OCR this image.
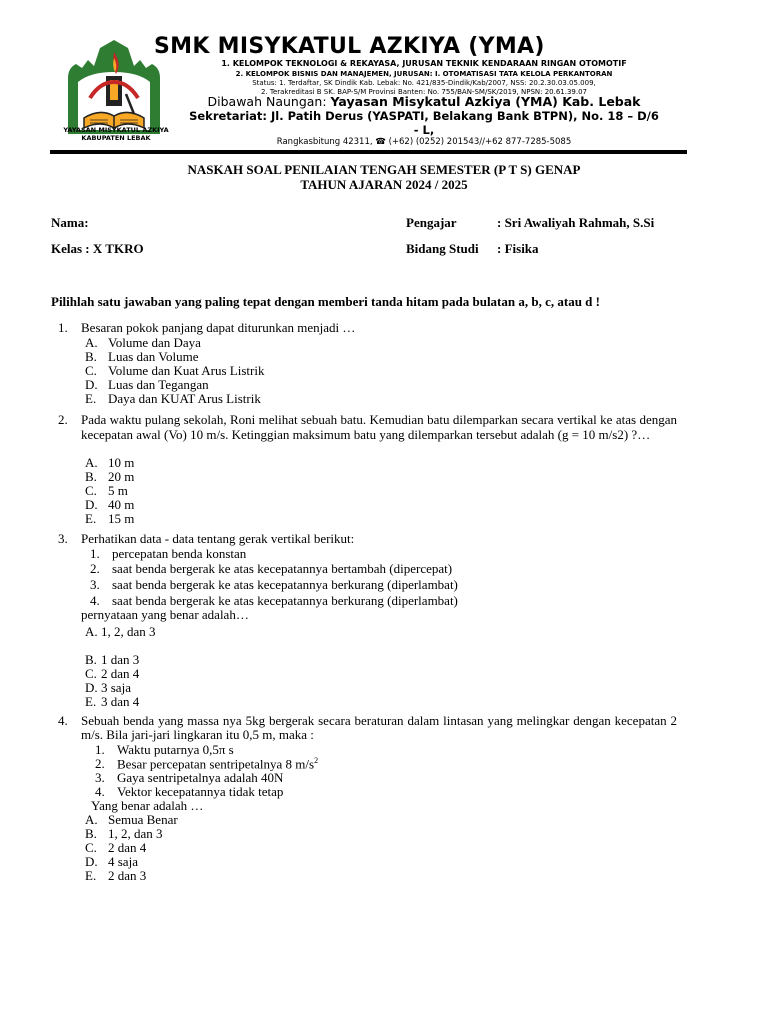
YAYASAN MISYKATUL AZKIYA
KABUPATEN LEBAK
SMK MISYKATUL AZKIYA (YMA)
1. KELOMPOK TEKNOLOGI & REKAYASA, JURUSAN TEKNIK KENDARAAN RINGAN OTOMOTIF
2. KELOMPOK BISNIS DAN MANAJEMEN, JURUSAN: I. OTOMATISASI TATA KELOLA PERKANTORAN
Status: 1. Terdaftar, SK Dindik Kab. Lebak: No. 421/835-Dindik/Kab/2007, NSS: 20.2.30.03.05.009,
2. Terakreditasi B SK. BAP-S/M Provinsi Banten: No. 755/BAN-SM/SK/2019, NPSN: 20.61.39.07
Dibawah Naungan: Yayasan Misykatul Azkiya (YMA) Kab. Lebak
Sekretariat: Jl. Patih Derus (YASPATI, Belakang Bank BTPN), No. 18 – D/6
- L,
Rangkasbitung 42311, ☎ (+62) (0252) 201543//+62 877-7285-5085
NASKAH SOAL PENILAIAN TENGAH SEMESTER (P T S) GENAP
TAHUN AJARAN 2024 / 2025
Nama:
Kelas : X TKRO
Pengajar	: Sri Awaliyah Rahmah, S.Si
Bidang Studi : Fisika
Pilihlah satu jawaban yang paling tepat dengan memberi tanda hitam pada bulatan a, b, c, atau d !
1. Besaran pokok panjang dapat diturunkan menjadi …
A. Volume dan Daya
B. Luas dan Volume
C. Volume dan Kuat Arus Listrik
D. Luas dan Tegangan
E. Daya dan KUAT Arus Listrik
2. Pada waktu pulang sekolah, Roni melihat sebuah batu. Kemudian batu dilemparkan secara vertikal ke atas dengan kecepatan awal (Vo) 10 m/s. Ketinggian maksimum batu yang dilemparkan tersebut adalah (g = 10 m/s2) ?…
A. 10 m
B. 20 m
C. 5 m
D. 40 m
E. 15 m
3. Perhatikan data - data tentang gerak vertikal berikut:
1. percepatan benda konstan
2. saat benda bergerak ke atas kecepatannya bertambah (dipercepat)
3. saat benda bergerak ke atas kecepatannya berkurang (diperlambat)
4. saat benda bergerak ke atas kecepatannya berkurang (diperlambat)
pernyataan yang benar adalah…
A. 1, 2, dan 3
B. 1 dan 3
C. 2 dan 4
D. 3 saja
E. 3 dan 4
4. Sebuah benda yang massa nya 5kg bergerak secara beraturan dalam lintasan yang melingkar dengan kecepatan 2 m/s. Bila jari-jari lingkaran itu 0,5 m, maka :
1. Waktu putarnya 0,5π s
2. Besar percepatan sentripetalnya 8 $m/s^2$
3. Gaya sentripetalnya adalah 40N
4. Vektor kecepatannya tidak tetap
Yang benar adalah …
A. Semua Benar
B. 1, 2, dan 3
C. 2 dan 4
D. 4 saja
E. 2 dan 3
